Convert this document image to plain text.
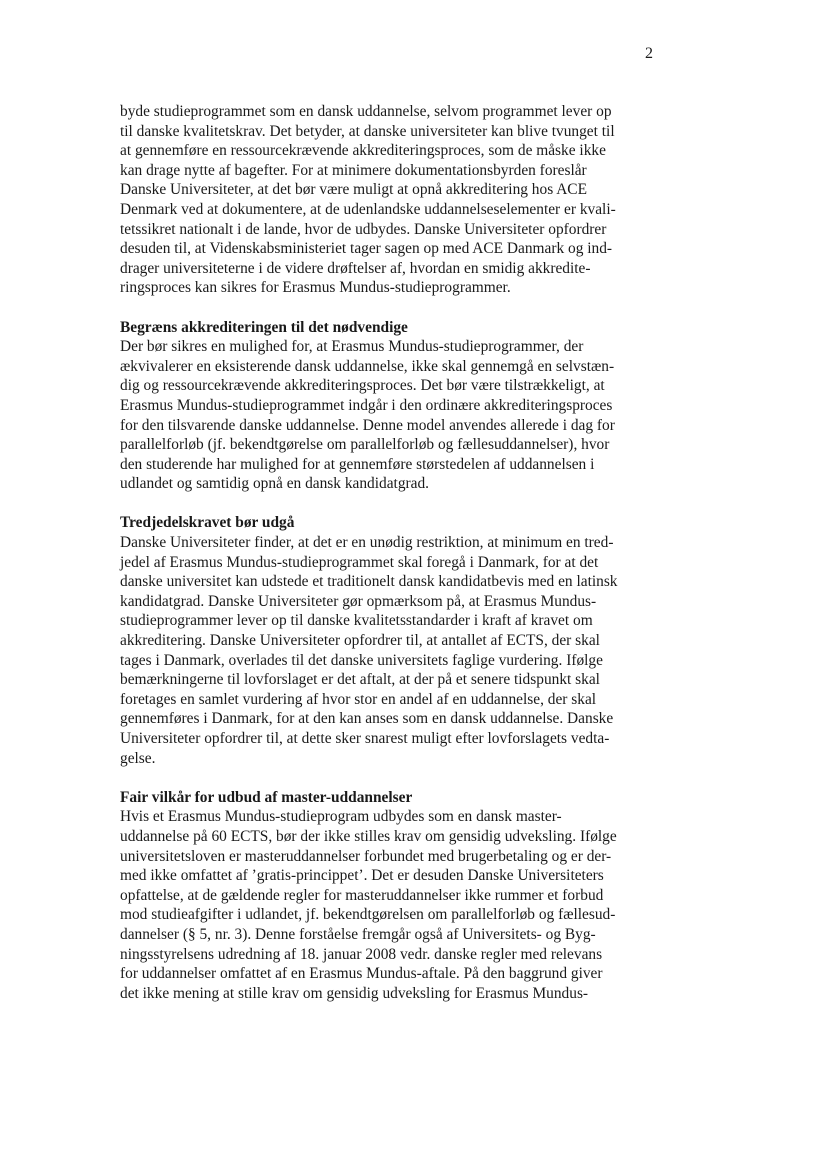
2
byde studieprogrammet som en dansk uddannelse, selvom programmet lever op
til danske kvalitetskrav. Det betyder, at danske universiteter kan blive tvunget til
at gennemføre en ressourcekrævende akkrediteringsproces, som de måske ikke
kan drage nytte af bagefter. For at minimere dokumentationsbyrden foreslår
Danske Universiteter, at det bør være muligt at opnå akkreditering hos ACE
Denmark ved at dokumentere, at de udenlandske uddannelseselementer er kvali-
tetssikret nationalt i de lande, hvor de udbydes. Danske Universiteter opfordrer
desuden til, at Videnskabsministeriet tager sagen op med ACE Danmark og ind-
drager universiteterne i de videre drøftelser af, hvordan en smidig akkredite-
ringsproces kan sikres for Erasmus Mundus-studieprogrammer.
Begræns akkrediteringen til det nødvendige
Der bør sikres en mulighed for, at Erasmus Mundus-studieprogrammer, der
ækvivalerer en eksisterende dansk uddannelse, ikke skal gennemgå en selvstæn-
dig og ressourcekrævende akkrediteringsproces. Det bør være tilstrækkeligt, at
Erasmus Mundus-studieprogrammet indgår i den ordinære akkrediteringsproces
for den tilsvarende danske uddannelse. Denne model anvendes allerede i dag for
parallelforløb (jf. bekendtgørelse om parallelforløb og fællesuddannelser), hvor
den studerende har mulighed for at gennemføre størstedelen af uddannelsen i
udlandet og samtidig opnå en dansk kandidatgrad.
Tredjedelskravet bør udgå
Danske Universiteter finder, at det er en unødig restriktion, at minimum en tred-
jedel af Erasmus Mundus-studieprogrammet skal foregå i Danmark, for at det
danske universitet kan udstede et traditionelt dansk kandidatbevis med en latinsk
kandidatgrad. Danske Universiteter gør opmærksom på, at Erasmus Mundus-
studieprogrammer lever op til danske kvalitetsstandarder i kraft af kravet om
akkreditering. Danske Universiteter opfordrer til, at antallet af ECTS, der skal
tages i Danmark, overlades til det danske universitets faglige vurdering. Ifølge
bemærkningerne til lovforslaget er det aftalt, at der på et senere tidspunkt skal
foretages en samlet vurdering af hvor stor en andel af en uddannelse, der skal
gennemføres i Danmark, for at den kan anses som en dansk uddannelse. Danske
Universiteter opfordrer til, at dette sker snarest muligt efter lovforslagets vedta-
gelse.
Fair vilkår for udbud af master-uddannelser
Hvis et Erasmus Mundus-studieprogram udbydes som en dansk master-
uddannelse på 60 ECTS, bør der ikke stilles krav om gensidig udveksling. Ifølge
universitetsloven er masteruddannelser forbundet med brugerbetaling og er der-
med ikke omfattet af ’gratis-princippet’. Det er desuden Danske Universiteters
opfattelse, at de gældende regler for masteruddannelser ikke rummer et forbud
mod studieafgifter i udlandet, jf. bekendtgørelsen om parallelforløb og fællesud-
dannelser (§ 5, nr. 3). Denne forståelse fremgår også af Universitets- og Byg-
ningsstyrelsens udredning af 18. januar 2008 vedr. danske regler med relevans
for uddannelser omfattet af en Erasmus Mundus-aftale. På den baggrund giver
det ikke mening at stille krav om gensidig udveksling for Erasmus Mundus-
